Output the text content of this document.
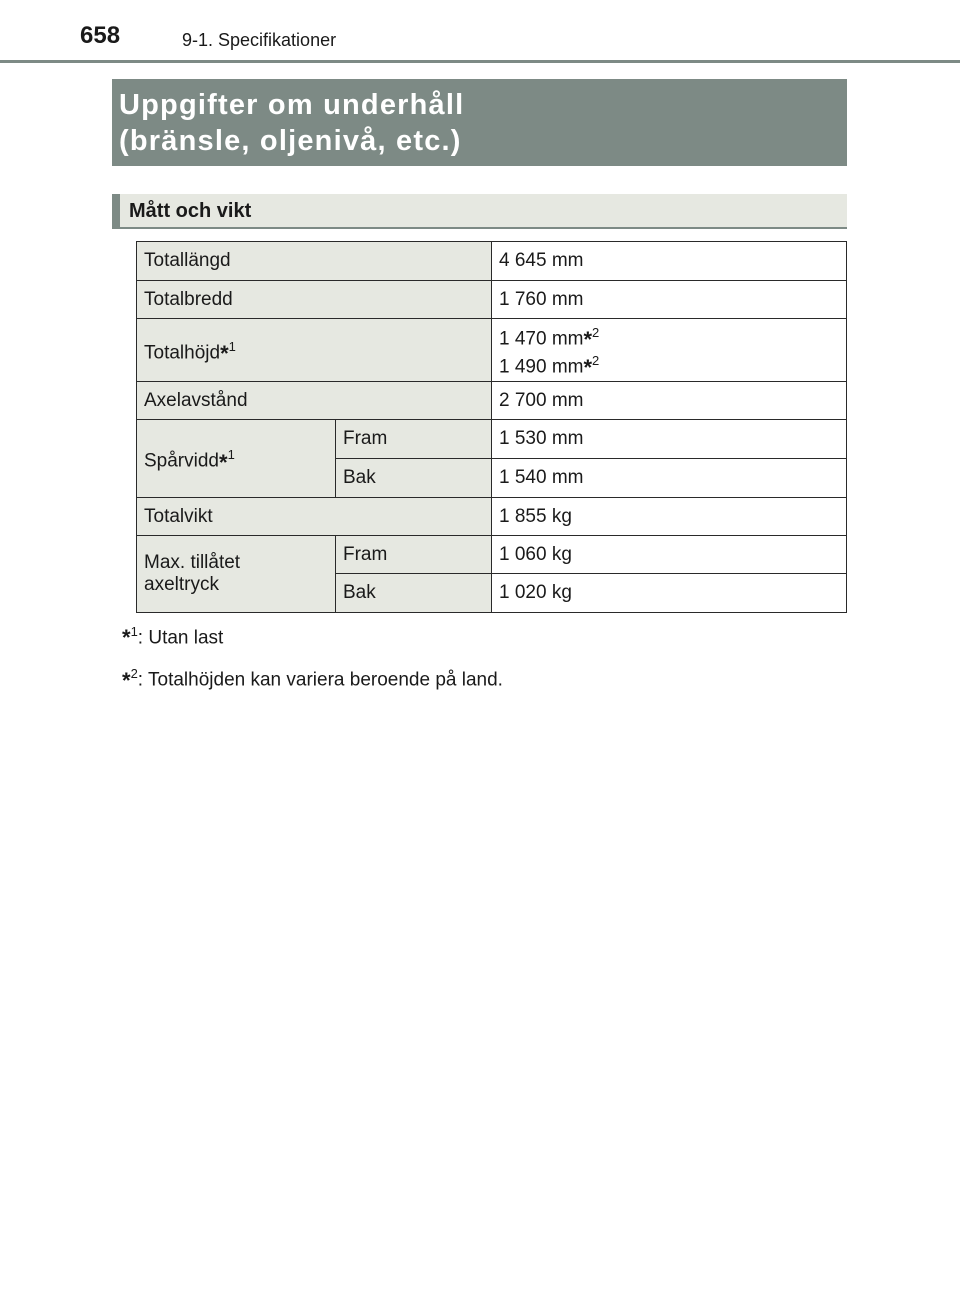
658	9-1. Specifikationer
Uppgifter om underhåll
(bränsle, oljenivå, etc.)
Mått och vikt
Totallängd		4 645 mm
Totalbredd		1 760 mm
Totalhöjd*$^1$		1 470 mm*$^2$
1 490 mm*$^2$

Axelavstånd		2 700 mm
Spårvidd*$^1$	Fram	1 530 mm
	Bak	1 540 mm
Totalvikt		1 855 kg

Max. tillåtet
axeltryck	Fram	1 060 kg
	Bak	1 020 kg
*$^1$: Utan last
*$^2$: Totalhöjden kan variera beroende på land.
